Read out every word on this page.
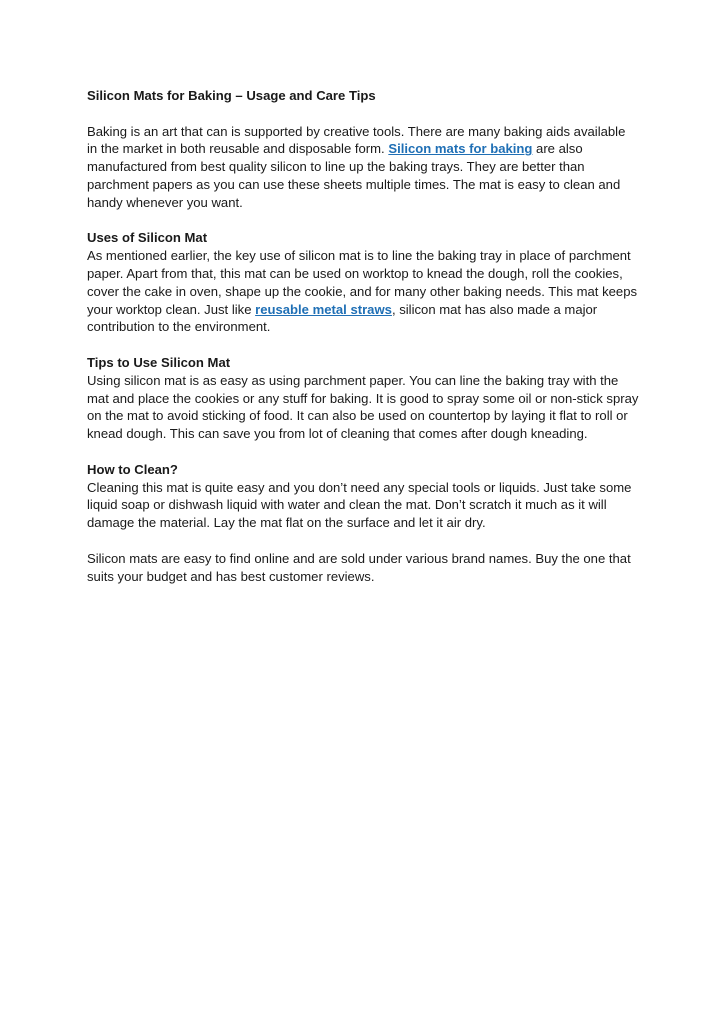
Silicon Mats for Baking – Usage and Care Tips

Baking is an art that can is supported by creative tools. There are many baking aids available in the market in both reusable and disposable form. Silicon mats for baking are also manufactured from best quality silicon to line up the baking trays. They are better than parchment papers as you can use these sheets multiple times. The mat is easy to clean and handy whenever you want.

Uses of Silicon Mat
As mentioned earlier, the key use of silicon mat is to line the baking tray in place of parchment paper. Apart from that, this mat can be used on worktop to knead the dough, roll the cookies, cover the cake in oven, shape up the cookie, and for many other baking needs. This mat keeps your worktop clean. Just like reusable metal straws, silicon mat has also made a major contribution to the environment.

Tips to Use Silicon Mat
Using silicon mat is as easy as using parchment paper. You can line the baking tray with the mat and place the cookies or any stuff for baking. It is good to spray some oil or non-stick spray on the mat to avoid sticking of food. It can also be used on countertop by laying it flat to roll or knead dough. This can save you from lot of cleaning that comes after dough kneading.

How to Clean?
Cleaning this mat is quite easy and you don’t need any special tools or liquids. Just take some liquid soap or dishwash liquid with water and clean the mat. Don’t scratch it much as it will damage the material. Lay the mat flat on the surface and let it air dry.

Silicon mats are easy to find online and are sold under various brand names. Buy the one that suits your budget and has best customer reviews.
